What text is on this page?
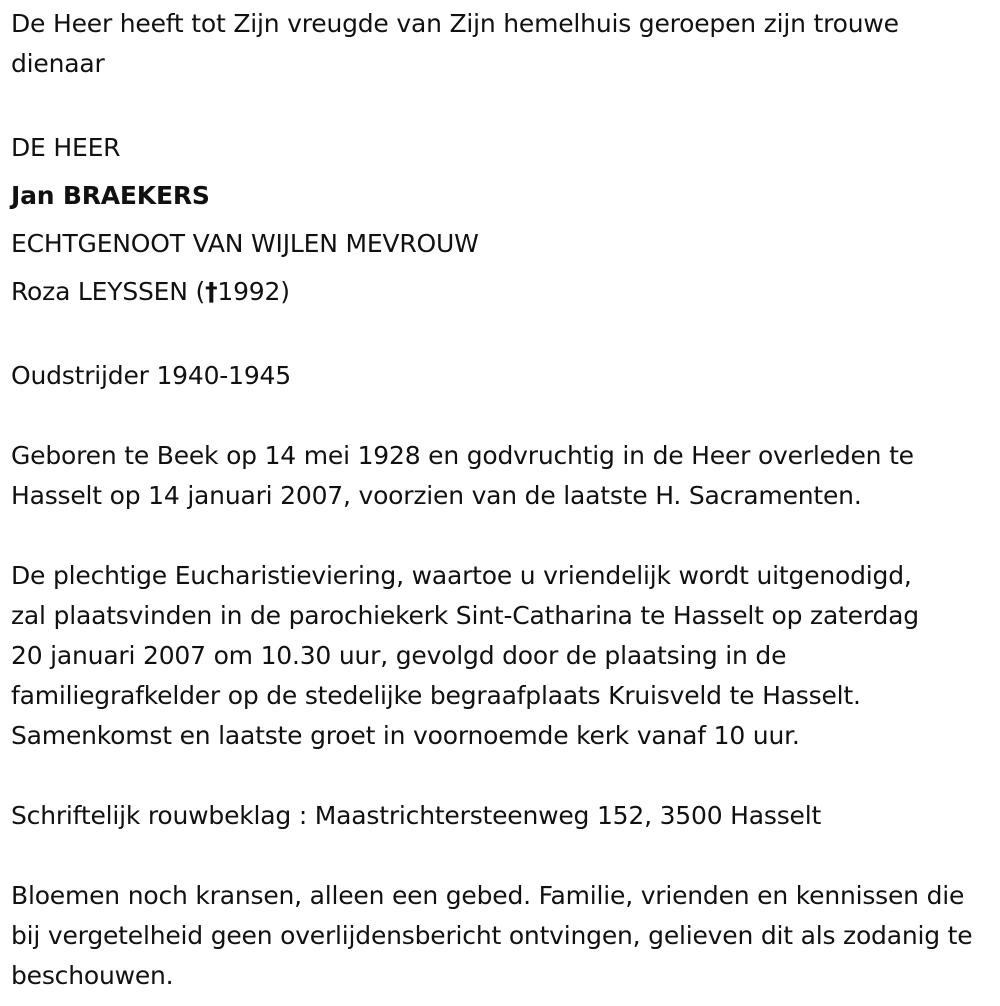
De Heer heeft tot Zijn vreugde van Zijn hemelhuis geroepen zijn trouwe dienaar

DE HEER

Jan BRAEKERS

ECHTGENOOT VAN WIJLEN MEVROUW

Roza LEYSSEN (†1992)

Oudstrijder 1940-1945

Geboren te Beek op 14 mei 1928 en godvruchtig in de Heer overleden te Hasselt op 14 januari 2007, voorzien van de laatste H. Sacramenten.

De plechtige Eucharistieviering, waartoe u vriendelijk wordt uitgenodigd,

zal plaatsvinden in de parochiekerk Sint-Catharina te Hasselt op zaterdag

20 januari 2007 om 10.30 uur, gevolgd door de plaatsing in de

familiegrafkelder op de stedelijke begraafplaats Kruisveld te Hasselt.

Samenkomst en laatste groet in voornoemde kerk vanaf 10 uur.

Schriftelijk rouwbeklag : Maastrichtersteenweg 152, 3500 Hasselt

Bloemen noch kransen, alleen een gebed. Familie, vrienden en kennissen die bij vergetelheid geen overlijdensbericht ontvingen, gelieven dit als zodanig te beschouwen.
